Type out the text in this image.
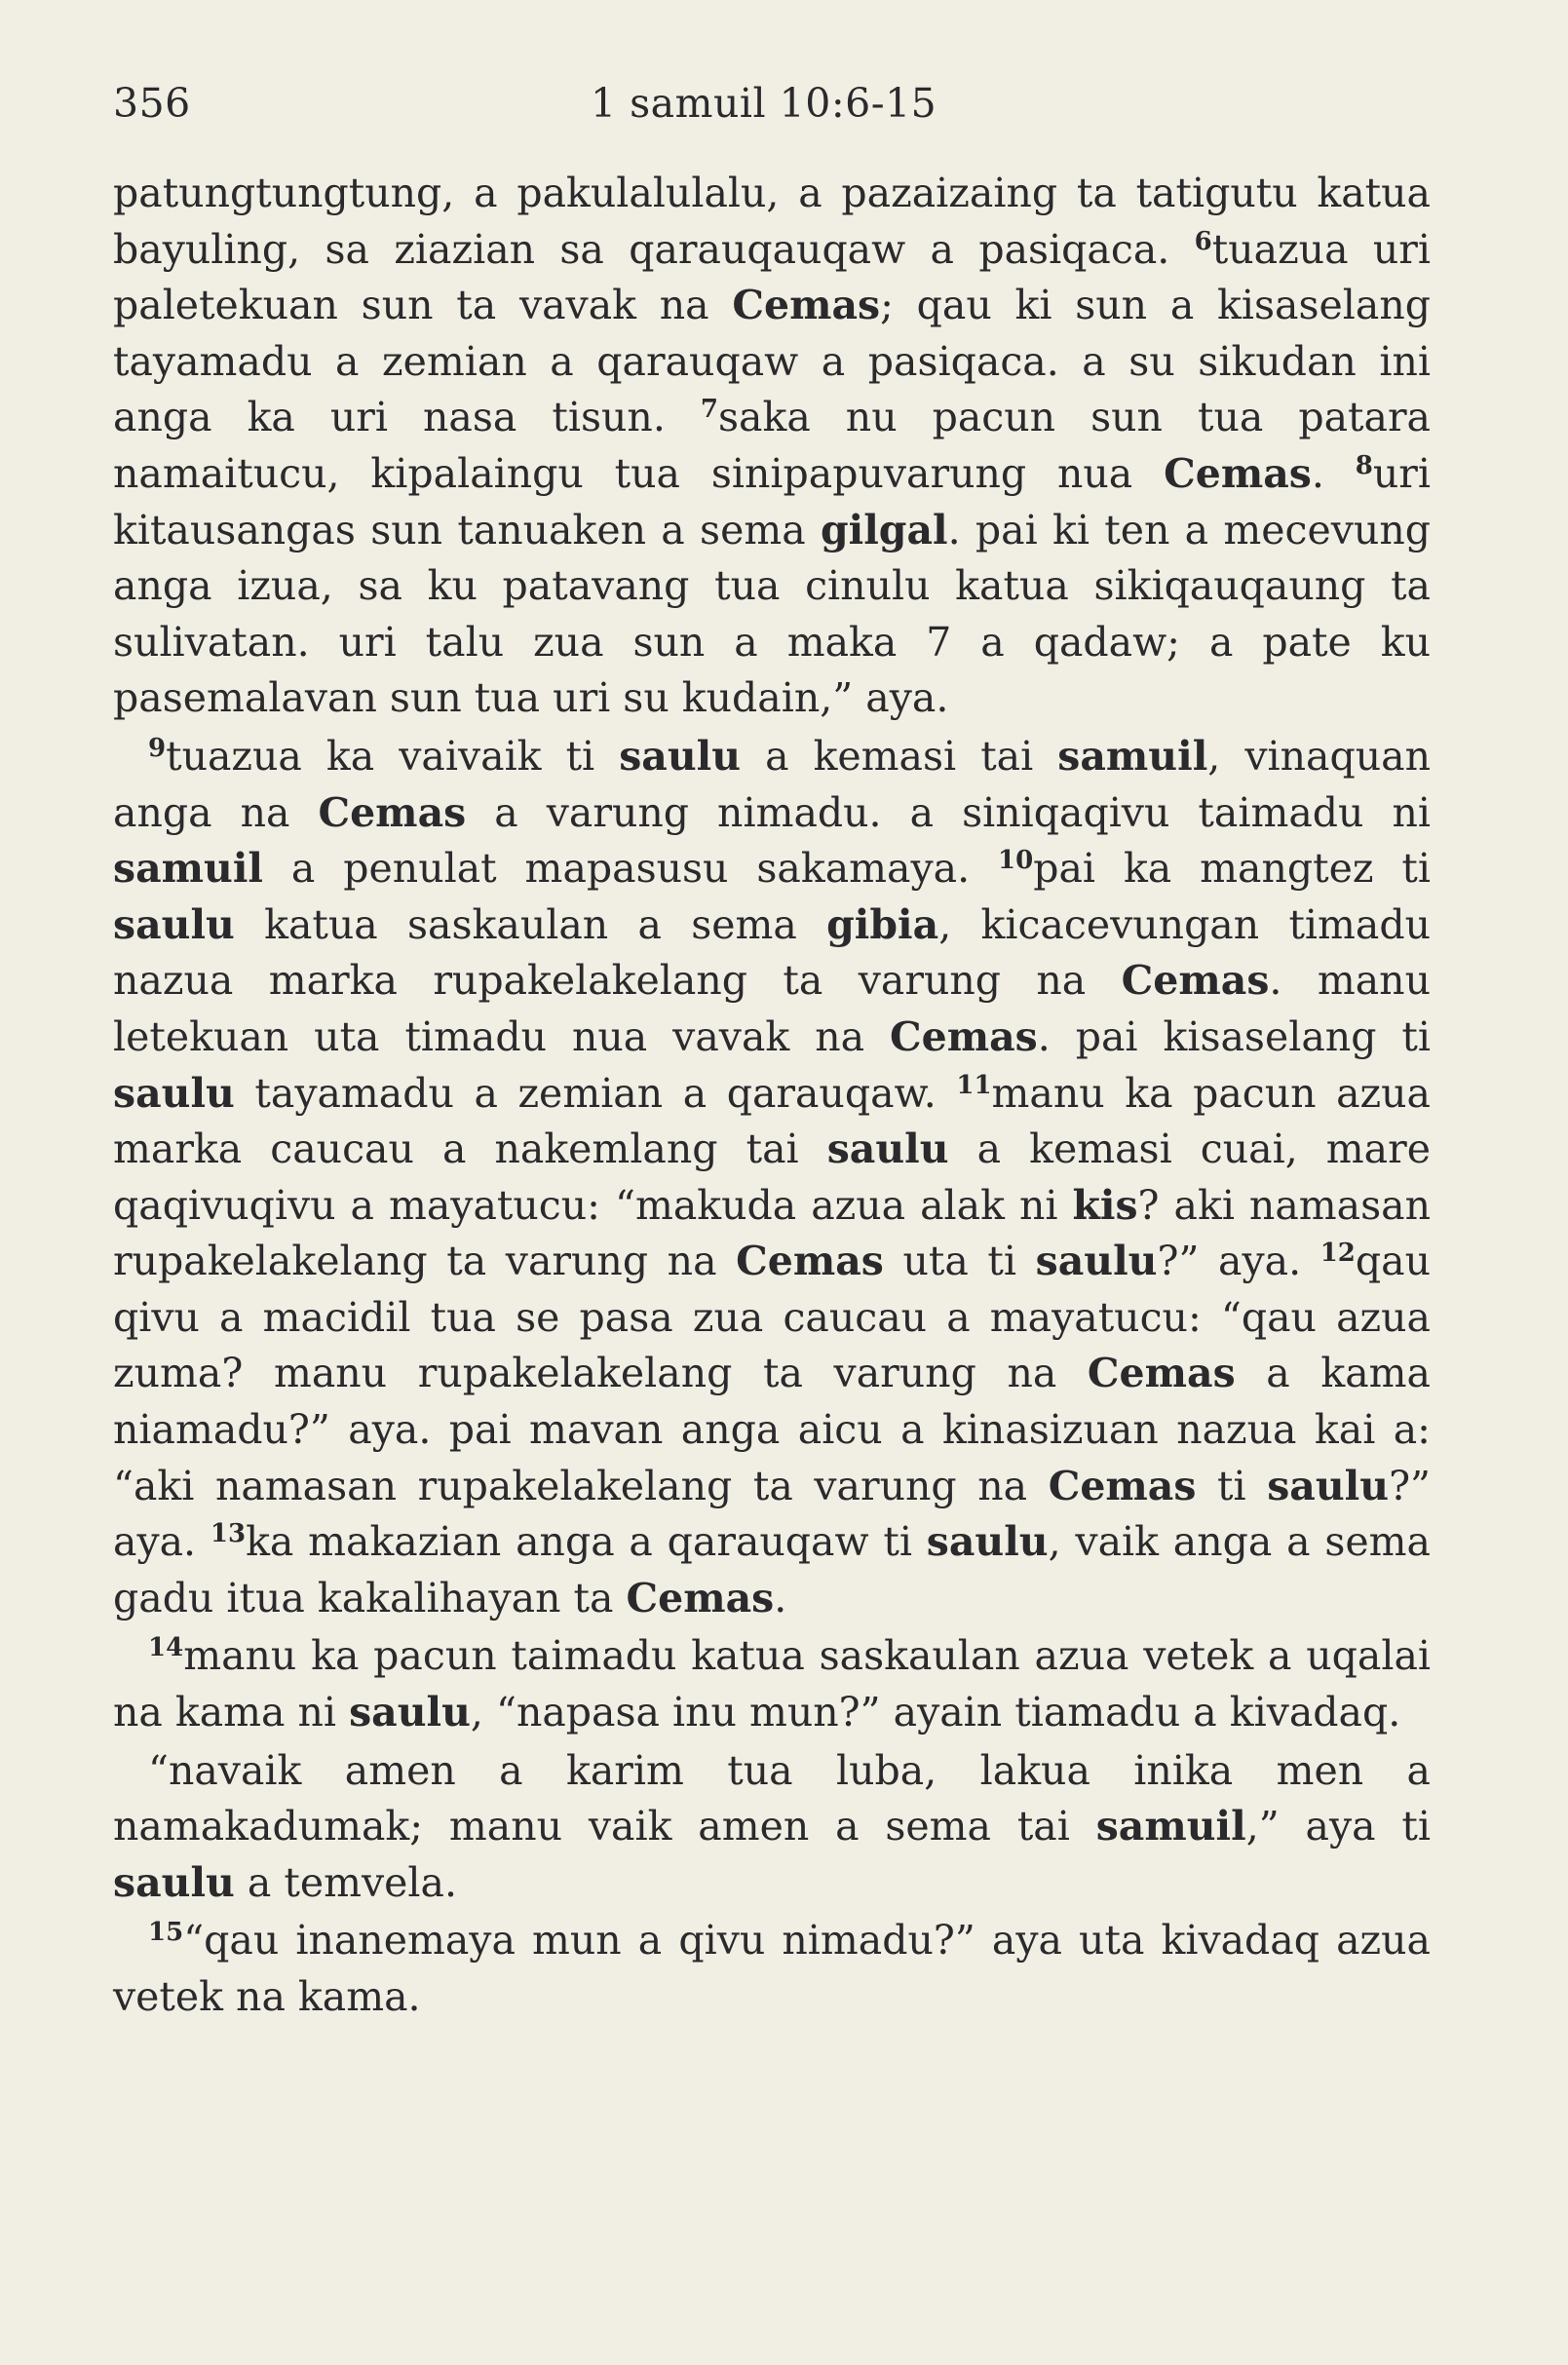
356	1 samuil 10:6-15

patungtungtung, a pakulalulalu, a pazaizaing ta tatigutu katua bayuling, sa ziazian sa qarauqauqaw a pasiqaca. $^6$tuazua uri paletekuan sun ta vavak na Cemas; qau ki sun a kisaselang tayamadu a zemian a qarauqaw a pasiqaca. a su sikudan ini anga ka uri nasa tisun. $^7$saka nu pacun sun tua patara namaitucu, kipalaingu tua sinipapuvarung nua Cemas. $^8$uri kitausangas sun tanuaken a sema gilgal. pai ki ten a mecevung anga izua, sa ku patavang tua cinulu katua sikiqauqaung ta sulivatan. uri talu zua sun a maka 7 a qadaw; a pate ku pasemalavan sun tua uri su kudain,” aya.

$^9$tuazua ka vaivaik ti saulu a kemasi tai samuil, vinaquan anga na Cemas a varung nimadu. a siniqaqivu taimadu ni samuil a penulat mapasusu sakamaya. $^{10}$pai ka mangtez ti saulu katua saskaulan a sema gibia, kicacevungan timadu nazua marka rupakelakelang ta varung na Cemas. manu letekuan uta timadu nua vavak na Cemas. pai kisaselang ti saulu tayamadu a zemian a qarauqaw. $^{11}$manu ka pacun azua marka caucau a nakemlang tai saulu a kemasi cuai, mare qaqivuqivu a mayatucu: “makuda azua alak ni kis? aki namasan rupakelakelang ta varung na Cemas uta ti saulu?” aya. $^{12}$qau qivu a macidil tua se pasa zua caucau a mayatucu: “qau azua zuma? manu rupakelakelang ta varung na Cemas a kama niamadu?” aya. pai mavan anga aicu a kinasizuan nazua kai a: “aki namasan rupakelakelang ta varung na Cemas ti saulu?” aya. $^{13}$ka makazian anga a qarauqaw ti saulu, vaik anga a sema gadu itua kakalihayan ta Cemas.

$^{14}$manu ka pacun taimadu katua saskaulan azua vetek a uqalai na kama ni saulu, “napasa inu mun?” ayain tiamadu a kivadaq.

“navaik amen a karim tua luba, lakua inika men a namakadumak; manu vaik amen a sema tai samuil,” aya ti saulu a temvela.

$^{15}$“qau inanemaya mun a qivu nimadu?” aya uta kivadaq azua vetek na kama.
